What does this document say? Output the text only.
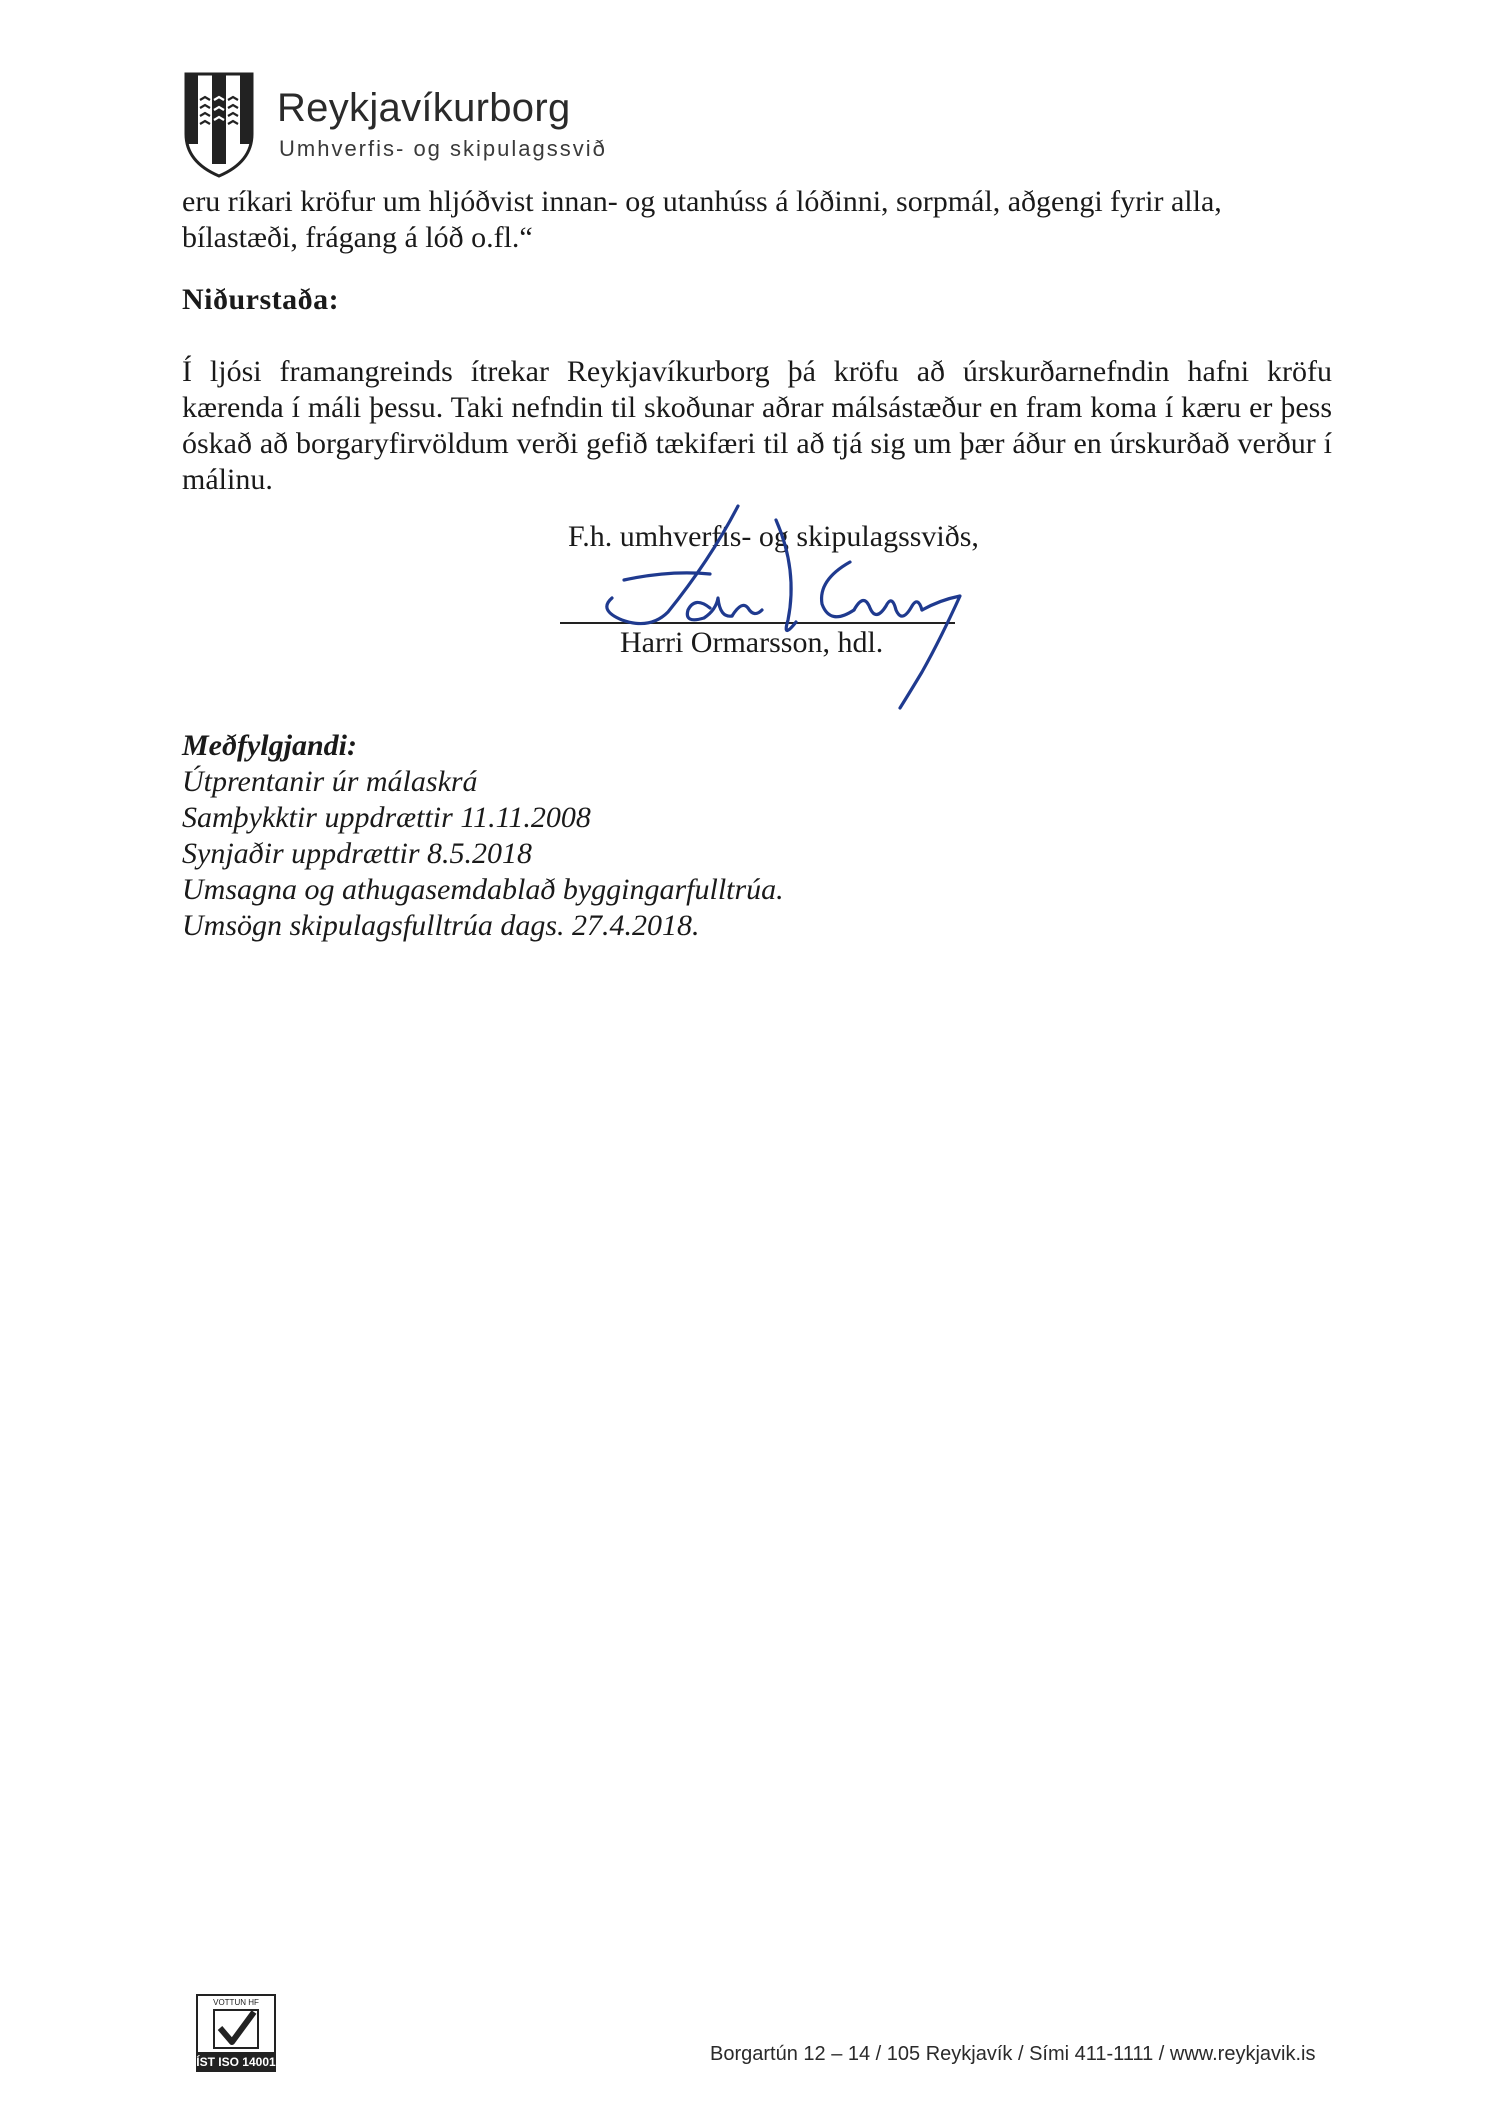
Reykjavíkurborg
Umhverfis- og skipulagssvið

eru ríkari kröfur um hljóðvist innan- og utanhúss á lóðinni, sorpmál, aðgengi fyrir alla,

bílastæði, frágang á lóð o.fl.“

Niðurstaða:

Í ljósi framangreinds ítrekar Reykjavíkurborg þá kröfu að úrskurðarnefndin hafni kröfu kærenda í máli þessu. Taki nefndin til skoðunar aðrar málsástæður en fram koma í kæru er þess óskað að borgaryfirvöldum verði gefið tækifæri til að tjá sig um þær áður en úrskurðað verður í málinu.

F.h. umhverfis- og skipulagssviðs,
Harri Ormarsson, hdl.

Meðfylgjandi:

Útprentanir úr málaskrá
Samþykktir uppdrættir 11.11.2008
Synjaðir uppdrættir 8.5.2018
Umsagna og athugasemdablað byggingarfulltrúa.
Umsögn skipulagsfulltrúa dags. 27.4.2018.
VOTTUN HF
ÍST ISO 14001	Borgartún 12 – 14 / 105 Reykjavík / Sími 411-1111 / www.reykjavik.is
